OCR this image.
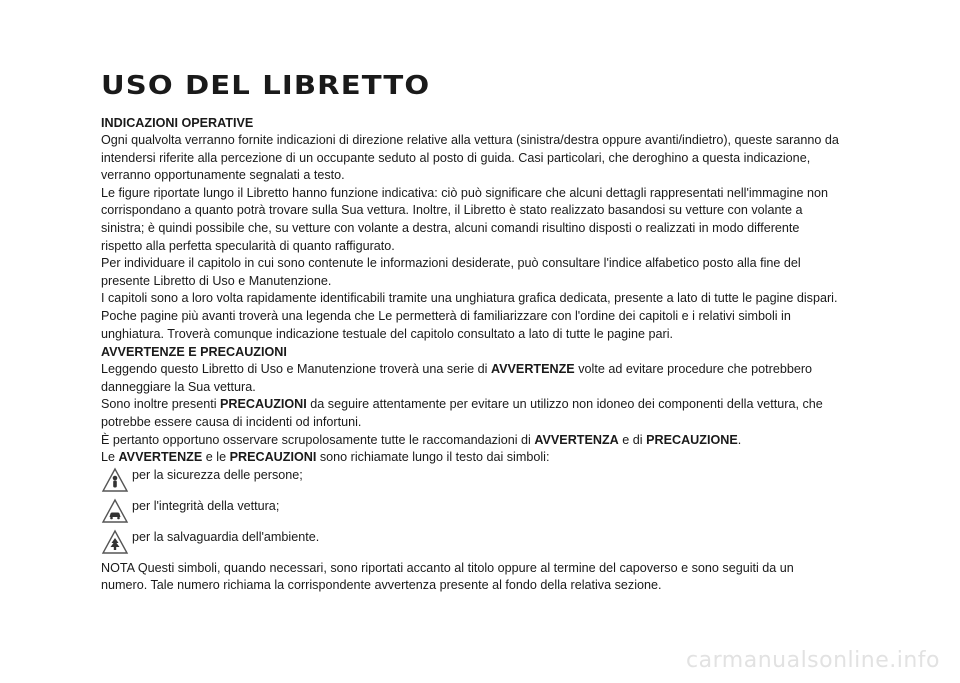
USO DEL LIBRETTO
INDICAZIONI OPERATIVE

Ogni qualvolta verranno fornite indicazioni di direzione relative alla vettura (sinistra/destra oppure avanti/indietro), queste saranno da intendersi riferite alla percezione di un occupante seduto al posto di guida. Casi particolari, che deroghino a questa indicazione, verranno opportunamente segnalati a testo.

Le figure riportate lungo il Libretto hanno funzione indicativa: ciò può significare che alcuni dettagli rappresentati nell'immagine non corrispondano a quanto potrà trovare sulla Sua vettura. Inoltre, il Libretto è stato realizzato basandosi su vetture con volante a sinistra; è quindi possibile che, su vetture con volante a destra, alcuni comandi risultino disposti o realizzati in modo differente rispetto alla perfetta specularità di quanto raffigurato.

Per individuare il capitolo in cui sono contenute le informazioni desiderate, può consultare l'indice alfabetico posto alla fine del presente Libretto di Uso e Manutenzione.

I capitoli sono a loro volta rapidamente identificabili tramite una unghiatura grafica dedicata, presente a lato di tutte le pagine dispari. Poche pagine più avanti troverà una legenda che Le permetterà di familiarizzare con l'ordine dei capitoli e i relativi simboli in unghiatura. Troverà comunque indicazione testuale del capitolo consultato a lato di tutte le pagine pari.

AVVERTENZE E PRECAUZIONI

Leggendo questo Libretto di Uso e Manutenzione troverà una serie di AVVERTENZE volte ad evitare procedure che potrebbero danneggiare la Sua vettura.

Sono inoltre presenti PRECAUZIONI da seguire attentamente per evitare un utilizzo non idoneo dei componenti della vettura, che potrebbe essere causa di incidenti od infortuni.

È pertanto opportuno osservare scrupolosamente tutte le raccomandazioni di AVVERTENZA e di PRECAUZIONE.

Le AVVERTENZE e le PRECAUZIONI sono richiamate lungo il testo dai simboli:

per la sicurezza delle persone;
per l'integrità della vettura;
per la salvaguardia dell'ambiente.

NOTA Questi simboli, quando necessari, sono riportati accanto al titolo oppure al termine del capoverso e sono seguiti da un numero. Tale numero richiama la corrispondente avvertenza presente al fondo della relativa sezione.

carmanualsonline.info
